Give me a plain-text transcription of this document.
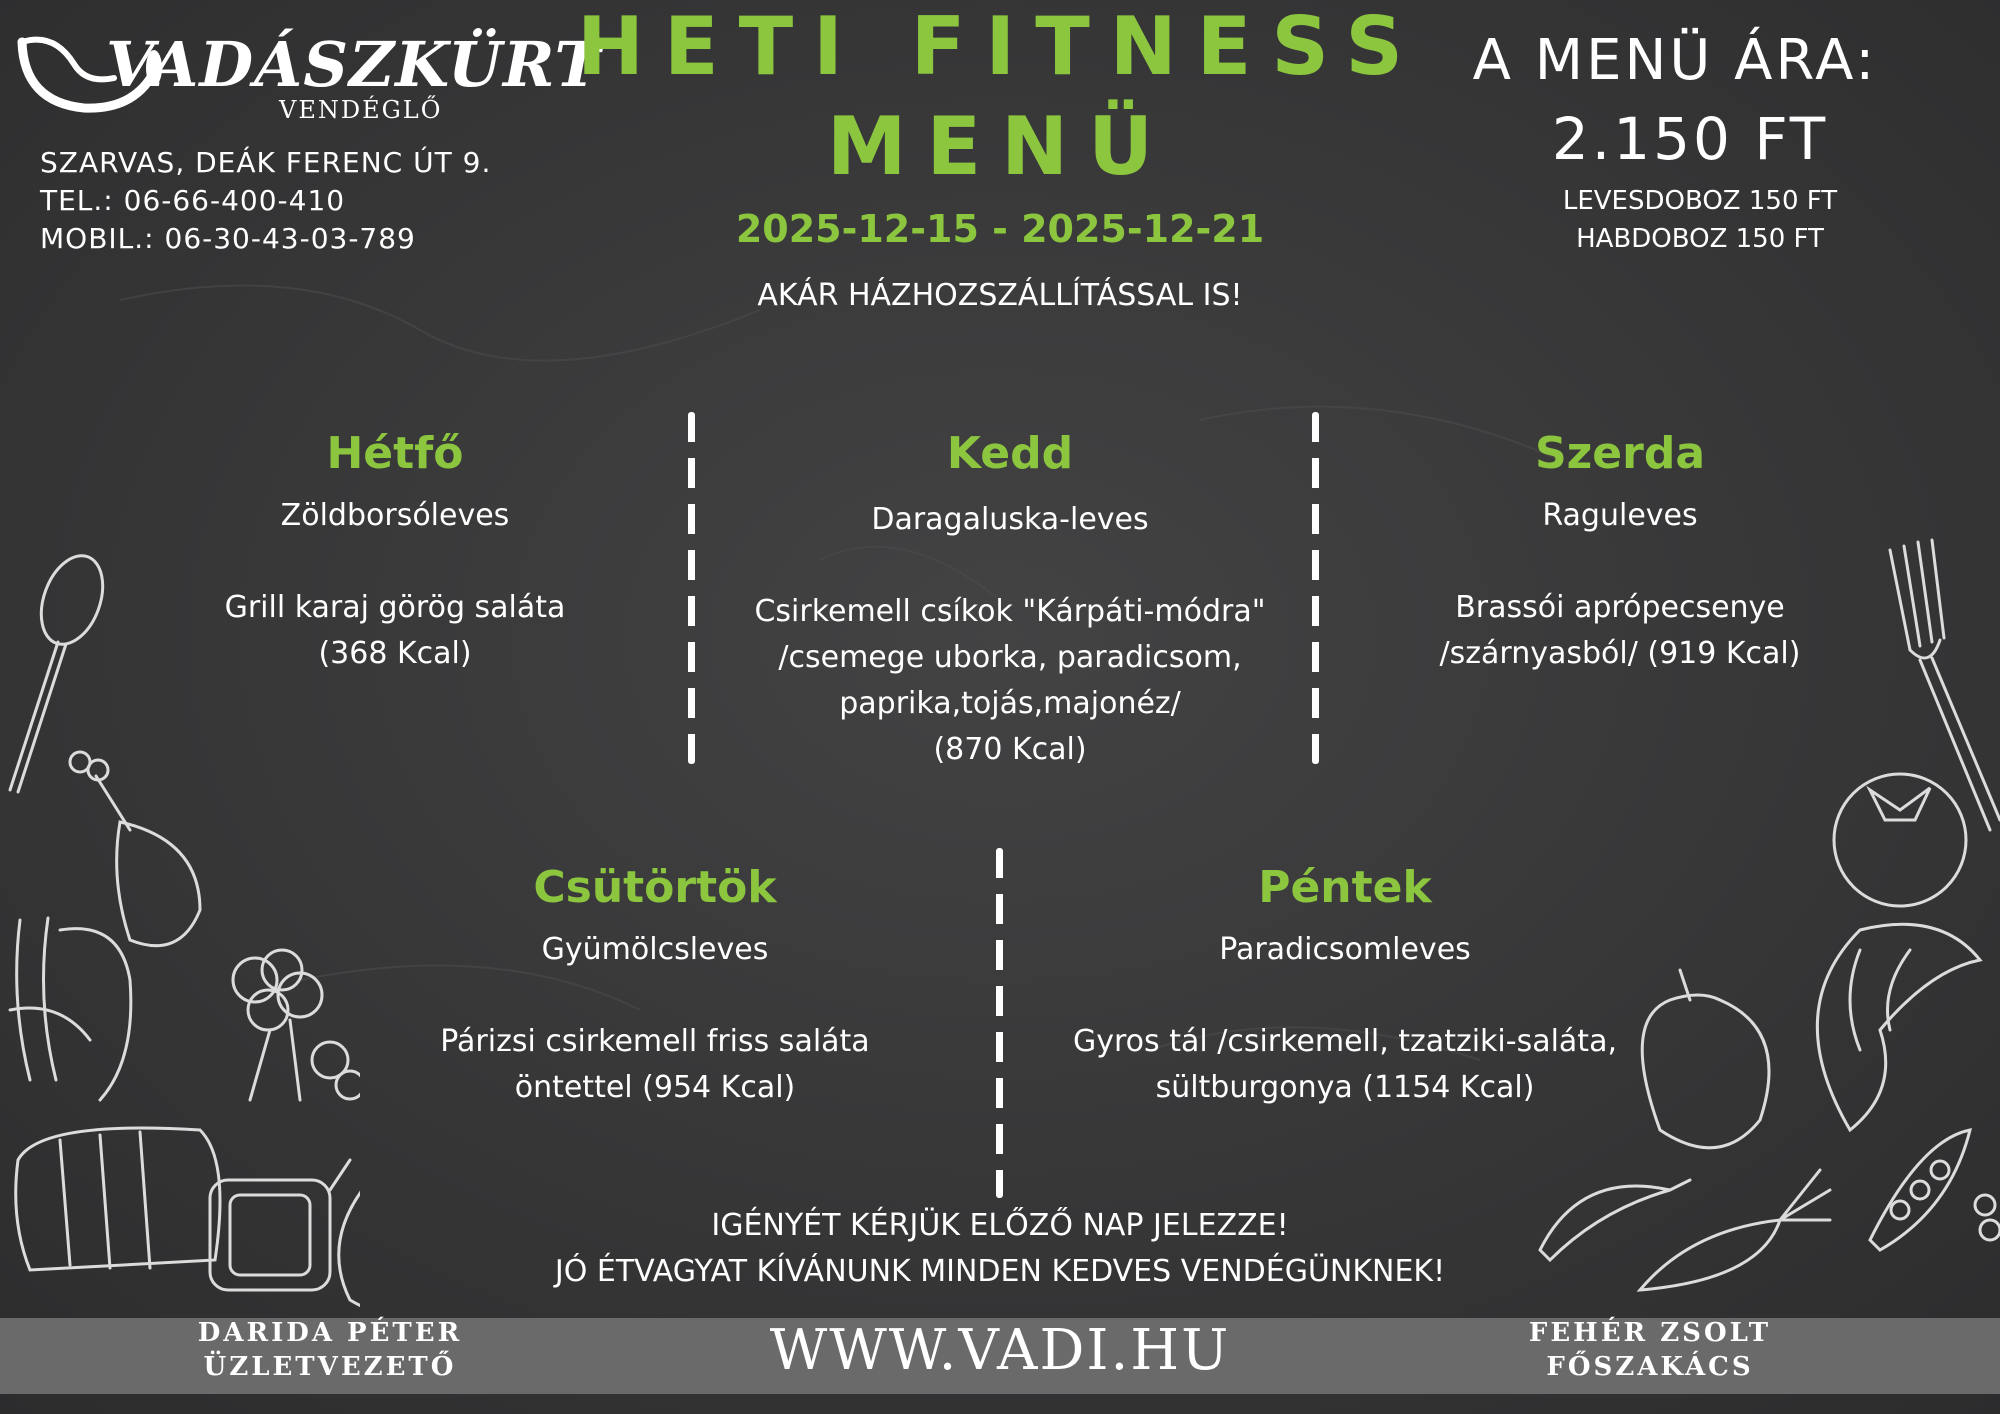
VADÁSZKÜRT
VENDÉGLŐ
SZARVAS, DEÁK FERENC ÚT 9.
TEL.: 06-66-400-410
MOBIL.: 06-30-43-03-789
HETI FITNESS
MENÜ
2025-12-15 - 2025-12-21
AKÁR HÁZHOZSZÁLLÍTÁSSAL IS!
A MENÜ ÁRA:
2.150 FT
LEVESDOBOZ 150 FT
HABDOBOZ 150 FT
Hétfő
Zöldborsóleves
Grill karaj görög saláta
(368 Kcal)
Kedd
Daragaluska-leves
Csirkemell csíkok "Kárpáti-módra"
/csemege uborka, paradicsom,
paprika,tojás,majonéz/
(870 Kcal)
Szerda
Raguleves
Brassói aprópecsenye
/szárnyasból/ (919 Kcal)
Csütörtök
Gyümölcsleves
Párizsi csirkemell friss saláta
öntettel (954 Kcal)
Péntek
Paradicsomleves
Gyros tál /csirkemell, tzatziki-saláta,
sültburgonya (1154 Kcal)
IGÉNYÉT KÉRJÜK ELŐZŐ NAP JELEZZE!
JÓ ÉTVAGYAT KÍVÁNUNK MINDEN KEDVES VENDÉGÜNKNEK!
DARIDA PÉTER
ÜZLETVEZETŐ	WWW.VADI.HU	FEHÉR ZSOLT
FŐSZAKÁCS
